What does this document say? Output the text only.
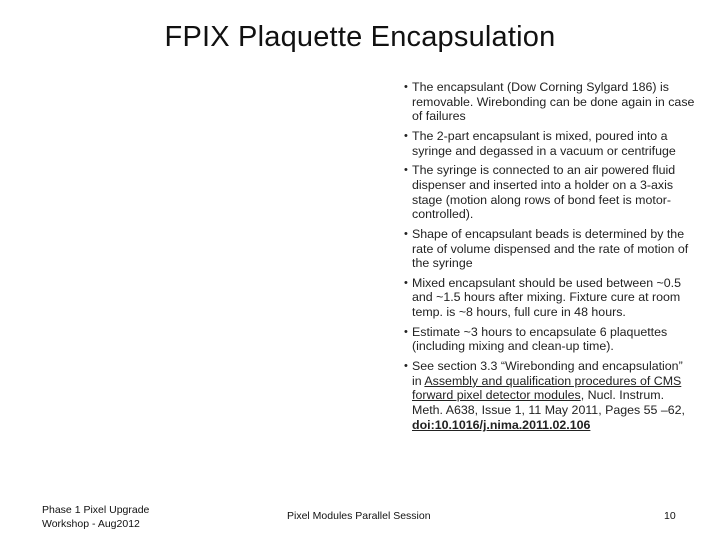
FPIX Plaquette Encapsulation
• The encapsulant (Dow Corning Sylgard 186) is removable. Wirebonding can be done again in case of failures
• The 2-part encapsulant is mixed, poured into a syringe and degassed in a vacuum or centrifuge
• The syringe is connected to an air powered fluid dispenser and inserted into a holder on a 3-axis stage (motion along rows of bond feet is motor-controlled).
• Shape of encapsulant beads is determined by the rate of volume dispensed and the rate of motion of the syringe
• Mixed encapsulant should be used between ~0.5 and ~1.5 hours after mixing. Fixture cure at room temp. is ~8 hours, full cure in 48 hours.
• Estimate ~3 hours to encapsulate 6 plaquettes (including mixing and clean-up time).
• See section 3.3 “Wirebonding and encapsulation” in Assembly and qualification procedures of CMS forward pixel detector modules, Nucl. Instrum. Meth. A638, Issue 1, 11 May 2011, Pages 55 –62, doi:10.1016/j.nima.2011.02.106
Phase 1 Pixel Upgrade
Workshop - Aug2012
Pixel Modules Parallel Session	10
